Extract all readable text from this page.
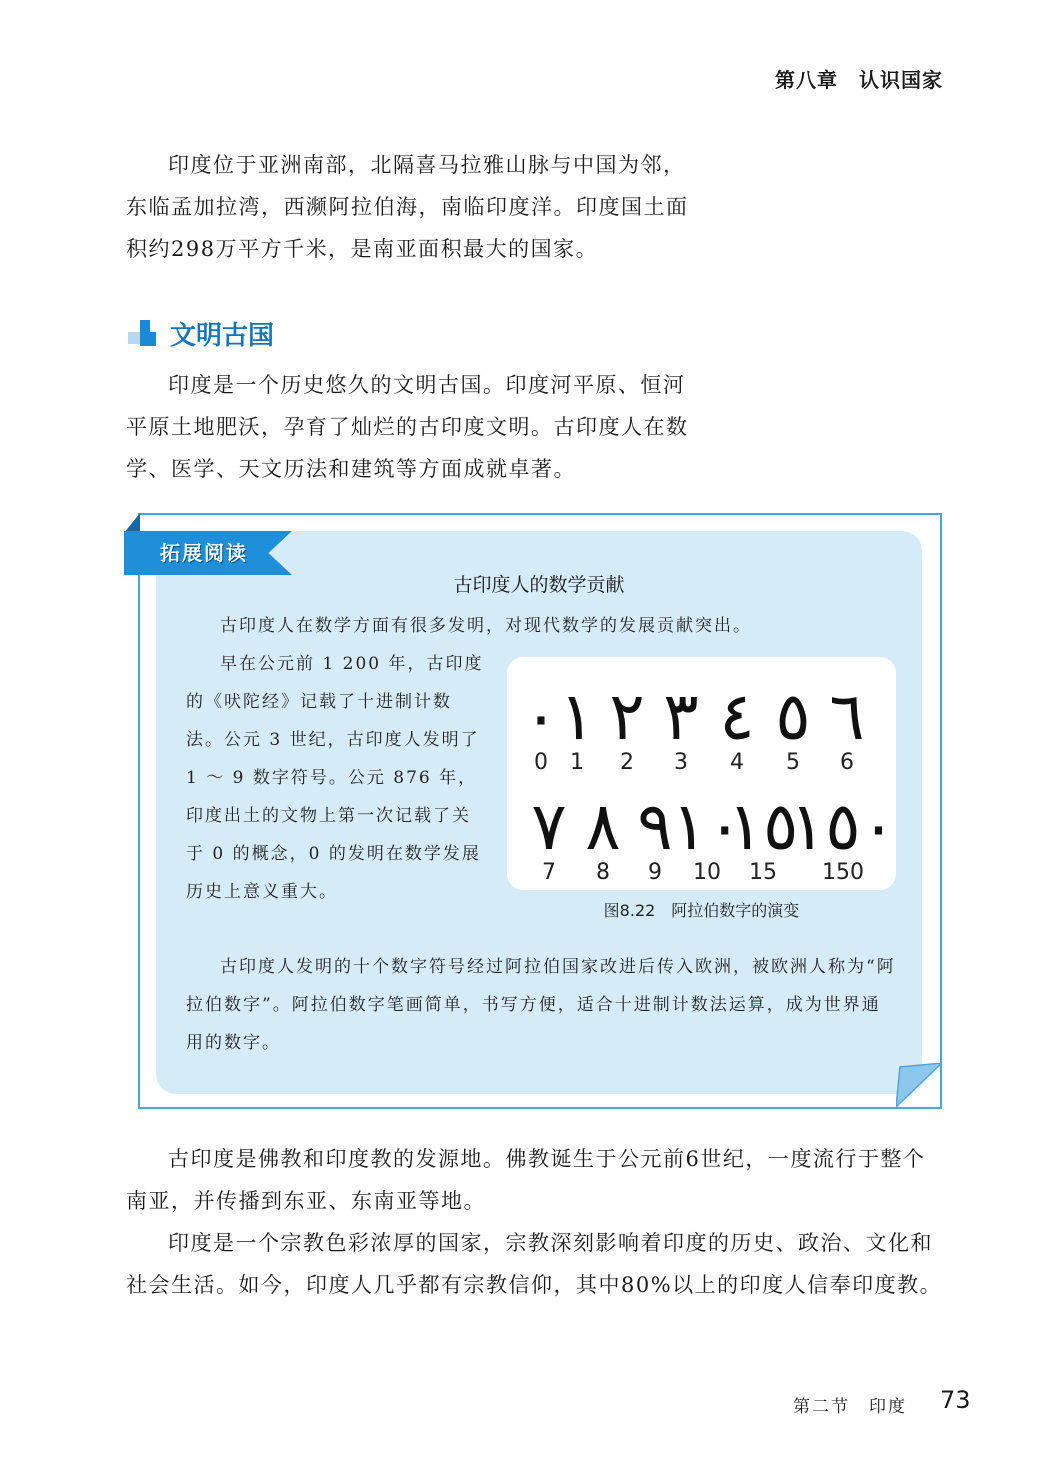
第八章　认识国家
印度位于亚洲南部，北隔喜马拉雅山脉与中国为邻，东临孟加拉湾，西濒阿拉伯海，南临印度洋。印度国土面积约298万平方千米，是南亚面积最大的国家。
文明古国
印度是一个历史悠久的文明古国。印度河平原、恒河平原土地肥沃，孕育了灿烂的古印度文明。古印度人在数学、医学、天文历法和建筑等方面成就卓著。
拓展阅读
古印度人的数学贡献
古印度人在数学方面有很多发明，对现代数学的发展贡献突出。
早在公元前 1 200 年，古印度的《吠陀经》记载了十进制计数法。公元 3 世纪，古印度人发明了 1 ～ 9 数字符号。公元 876 年，印度出土的文物上第一次记载了关于 0 的概念，0 的发明在数学发展历史上意义重大。
٠ ١ ٢ ٣ ٤ ٥ ٦
0 1 2 3 4 5 6
٧ ٨ ٩
١٠
١٥
١٥٠
7 8 9 10 15 150
图8.22　阿拉伯数字的演变
古印度人发明的十个数字符号经过阿拉伯国家改进后传入欧洲，被欧洲人称为“阿拉伯数字”。阿拉伯数字笔画简单，书写方便，适合十进制计数法运算，成为世界通用的数字。
古印度是佛教和印度教的发源地。佛教诞生于公元前6世纪，一度流行于整个南亚，并传播到东亚、东南亚等地。
印度是一个宗教色彩浓厚的国家，宗教深刻影响着印度的历史、政治、文化和社会生活。如今，印度人几乎都有宗教信仰，其中80%以上的印度人信奉印度教。
第二节　印度 73
